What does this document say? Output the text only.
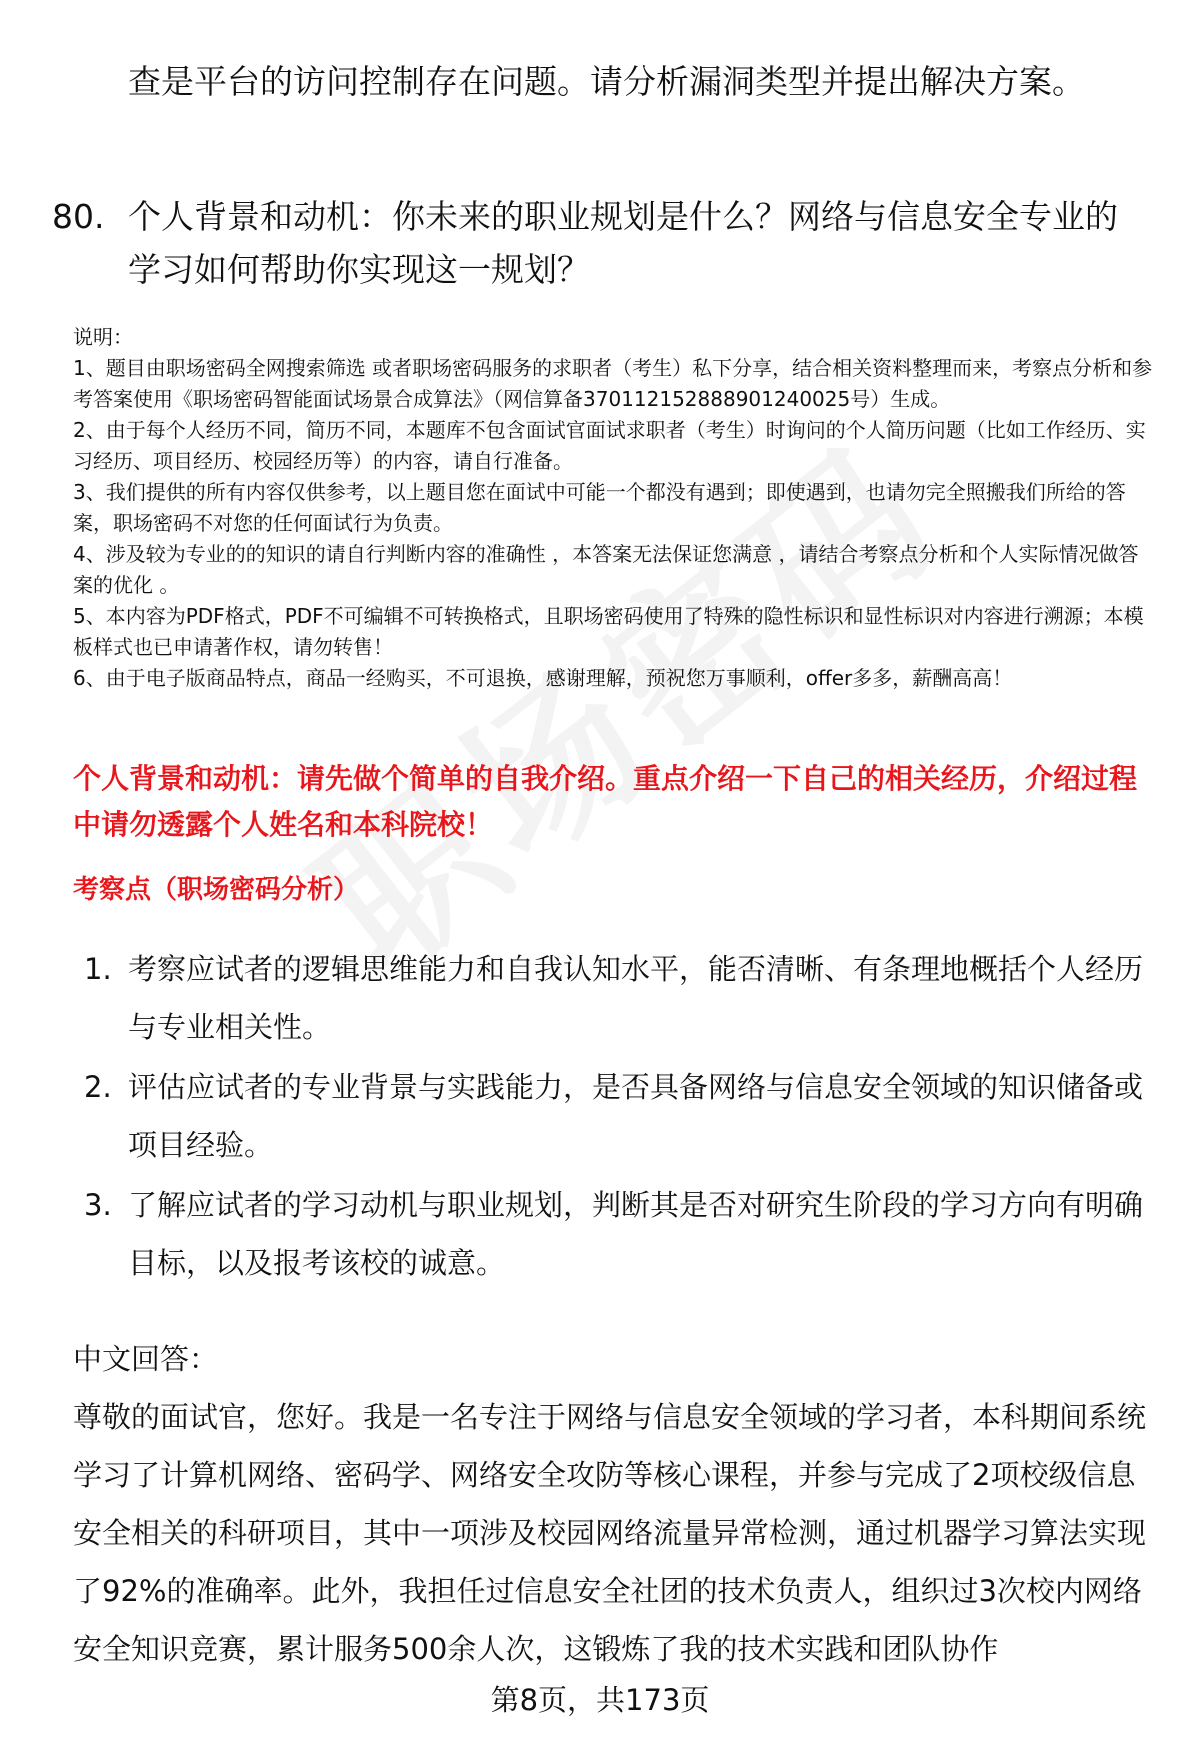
查是平台的访问控制存在问题。请分析漏洞类型并提出解决方案。
80. 个人背景和动机：你未来的职业规划是什么？网络与信息安全专业的学习如何帮助你实现这一规划？
说明：
1、题目由职场密码全网搜索筛选 或者职场密码服务的求职者（考生）私下分享，结合相关资料整理而来，考察点分析和参考答案使用《职场密码智能面试场景合成算法》（网信算备370112152888901240025号）生成。
2、由于每个人经历不同，简历不同，本题库不包含面试官面试求职者（考生）时询问的个人简历问题（比如工作经历、实习经历、项目经历、校园经历等）的内容，请自行准备。
3、我们提供的所有内容仅供参考，以上题目您在面试中可能一个都没有遇到；即使遇到，也请勿完全照搬我们所给的答案，职场密码不对您的任何面试行为负责。
4、涉及较为专业的的知识的请自行判断内容的准确性 ，本答案无法保证您满意 ，请结合考察点分析和个人实际情况做答案的优化 。
5、本内容为PDF格式，PDF不可编辑不可转换格式，且职场密码使用了特殊的隐性标识和显性标识对内容进行溯源；本模板样式也已申请著作权，请勿转售！
6、由于电子版商品特点，商品一经购买，不可退换，感谢理解，预祝您万事顺利，offer多多，薪酬高高！
个人背景和动机：请先做个简单的自我介绍。重点介绍一下自己的相关经历，介绍过程中请勿透露个人姓名和本科院校！
考察点（职场密码分析）
1. 考察应试者的逻辑思维能力和自我认知水平，能否清晰、有条理地概括个人经历与专业相关性。
2. 评估应试者的专业背景与实践能力，是否具备网络与信息安全领域的知识储备或项目经验。
3. 了解应试者的学习动机与职业规划，判断其是否对研究生阶段的学习方向有明确目标，以及报考该校的诚意。
中文回答：
尊敬的面试官，您好。我是一名专注于网络与信息安全领域的学习者，本科期间系统学习了计算机网络、密码学、网络安全攻防等核心课程，并参与完成了2项校级信息安全相关的科研项目，其中一项涉及校园网络流量异常检测，通过机器学习算法实现了92%的准确率。此外，我担任过信息安全社团的技术负责人，组织过3次校内网络安全知识竞赛，累计服务500余人次，这锻炼了我的技术实践和团队协作
第8页，共173页
